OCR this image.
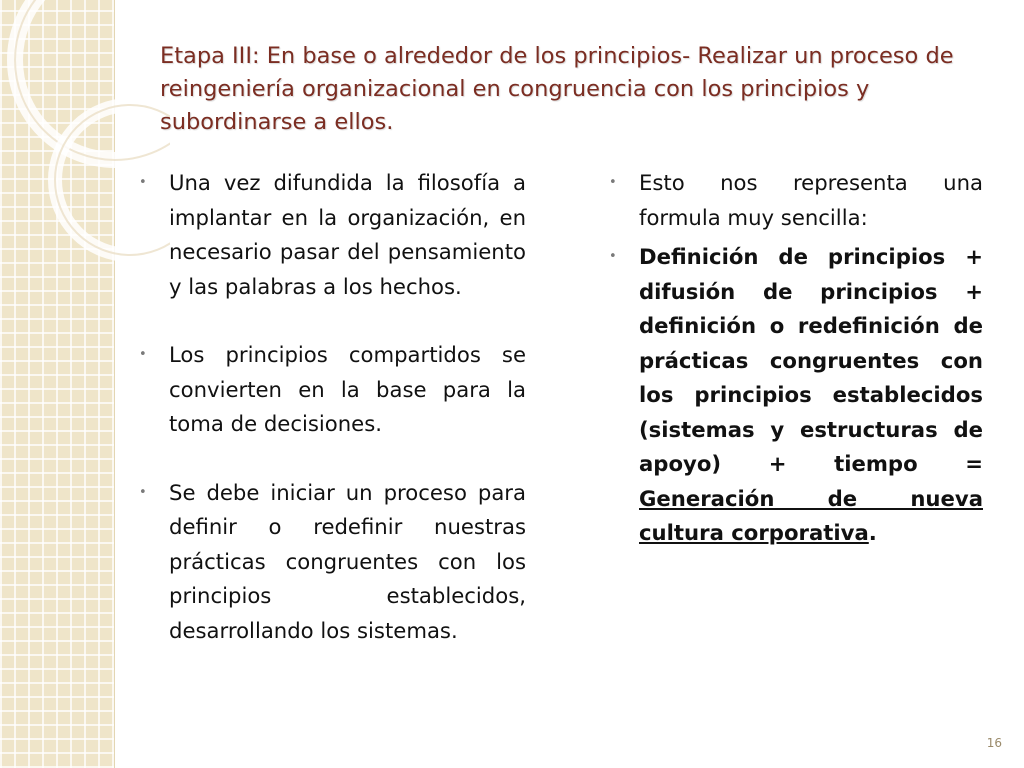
Etapa III: En base o alrededor de los principios- Realizar un proceso de reingeniería organizacional en congruencia con los principios y subordinarse a ellos.
• Una vez difundida la filosofía a implantar en la organización, en necesario pasar del pensamiento y las palabras a los hechos.
• Los principios compartidos se convierten en la base para la toma de decisiones.
• Se debe iniciar un proceso para definir o redefinir nuestras prácticas congruentes con los principios establecidos, desarrollando los sistemas.
• Esto nos representa una formula muy sencilla:
• Definición de principios + difusión de principios + definición o redefinición de prácticas congruentes con los principios establecidos (sistemas y estructuras de apoyo) + tiempo = Generación de nueva cultura corporativa.
16
